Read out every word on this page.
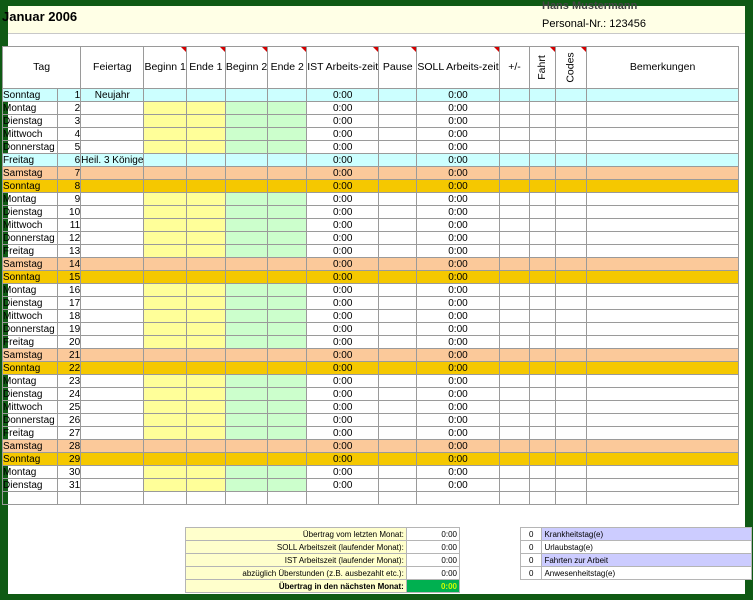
Januar 2006
Hans Mustermann
Personal-Nr.: 123456
Tag		Feiertag	Beginn 1	Ende 1	Beginn 2	Ende 2	IST Arbeits-zeit	Pause	SOLL Arbeits-zeit	+/-	Fahrt	Codes	Bemerkungen
Sonntag	1	Neujahr					0:00		0:00				
Montag	2						0:00		0:00				
Dienstag	3						0:00		0:00				
Mittwoch	4						0:00		0:00				
Donnerstag	5						0:00		0:00				
Freitag	6	Heil. 3 Könige					0:00		0:00				
Samstag	7						0:00		0:00				
Sonntag	8						0:00		0:00				
Montag	9						0:00		0:00				
Dienstag	10						0:00		0:00				
Mittwoch	11						0:00		0:00				
Donnerstag	12						0:00		0:00				
Freitag	13						0:00		0:00				
Samstag	14						0:00		0:00				
Sonntag	15						0:00		0:00				
Montag	16						0:00		0:00				
Dienstag	17						0:00		0:00				
Mittwoch	18						0:00		0:00				
Donnerstag	19						0:00		0:00				
Freitag	20						0:00		0:00				
Samstag	21						0:00		0:00				
Sonntag	22						0:00		0:00				
Montag	23						0:00		0:00				
Dienstag	24						0:00		0:00				
Mittwoch	25						0:00		0:00				
Donnerstag	26						0:00		0:00				
Freitag	27						0:00		0:00				
Samstag	28						0:00		0:00				
Sonntag	29						0:00		0:00				
Montag	30						0:00		0:00				
Dienstag	31						0:00		0:00				

Übertrag vom letzten Monat:	0:00
SOLL Arbeitszeit (laufender Monat):	0:00
IST Arbeitszeit (laufender Monat):	0:00
abzüglich Überstunden (z.B. ausbezahlt etc.):	0:00
Übertrag in den nächsten Monat:	0:00
0	Krankheitstag(e)
0	Urlaubstag(e)
0	Fahrten zur Arbeit
0	Anwesenheitstag(e)
